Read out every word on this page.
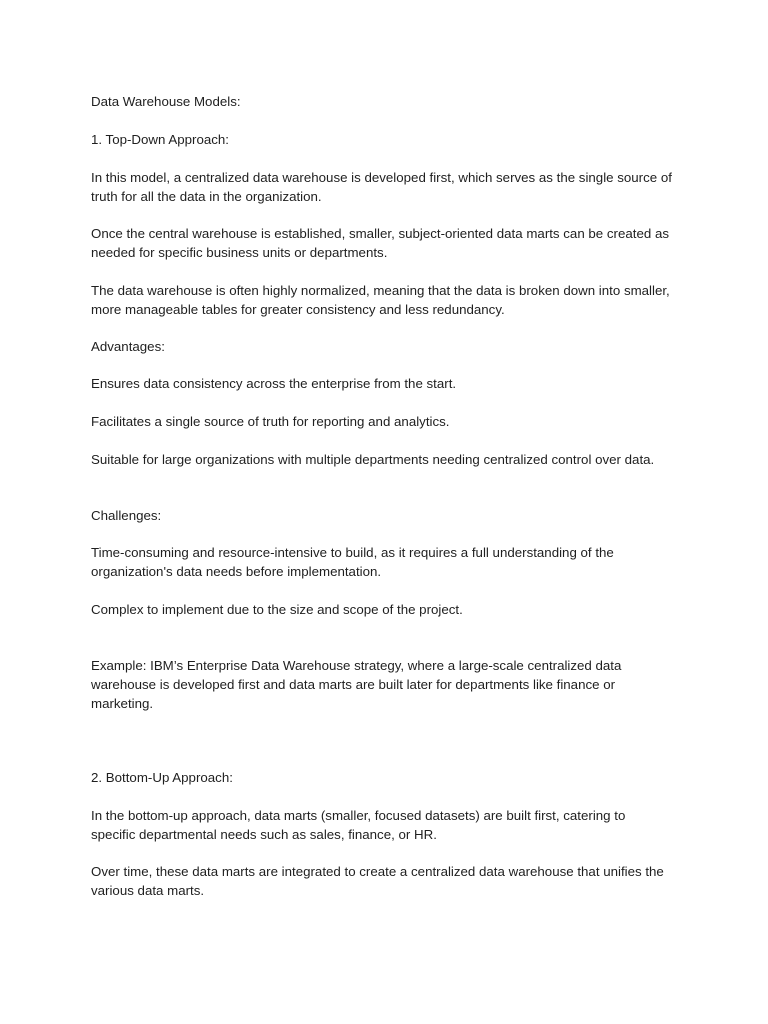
Data Warehouse Models:

1. Top-Down Approach:

In this model, a centralized data warehouse is developed first, which serves as the single source of truth for all the data in the organization.

Once the central warehouse is established, smaller, subject-oriented data marts can be created as needed for specific business units or departments.

The data warehouse is often highly normalized, meaning that the data is broken down into smaller, more manageable tables for greater consistency and less redundancy.

Advantages:

Ensures data consistency across the enterprise from the start.

Facilitates a single source of truth for reporting and analytics.

Suitable for large organizations with multiple departments needing centralized control over data.

Challenges:

Time-consuming and resource-intensive to build, as it requires a full understanding of the organization's data needs before implementation.

Complex to implement due to the size and scope of the project.

Example: IBM’s Enterprise Data Warehouse strategy, where a large-scale centralized data warehouse is developed first and data marts are built later for departments like finance or marketing.

2. Bottom-Up Approach:

In the bottom-up approach, data marts (smaller, focused datasets) are built first, catering to specific departmental needs such as sales, finance, or HR.

Over time, these data marts are integrated to create a centralized data warehouse that unifies the various data marts.
